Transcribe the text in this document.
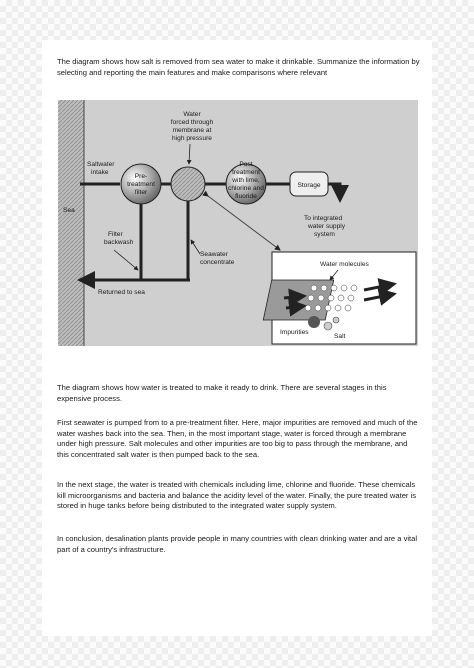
The diagram shows how salt is removed from sea water to make it drinkable. Summanize the information by selecting and reporting the main features and make comparisons where relevant

Sea
Saltwater
intake
Pre-
treatment
filter
Water
forced through
membrane at
high pressure
Post
treatment
with lime,
chlorine and
fluoride
Storage
To integrated
water supply
system
Filter
backwash
Seawater
concentrate
Returned to sea
Water molecules
Impurities
Salt

The diagram shows how water is treated to make it ready to drink. There are several stages in this expensive process.

First seawater is pumped from to a pre-treatment filter. Here, major impurities are removed and much of the water washes back into the sea. Then, in the most important stage, water is forced through a membrane under high pressure. Salt molecules and other impurities are too big to pass through the membrane, and this concentrated salt water is then pumped back to the sea.

In the next stage, the water is treated with chemicals including lime, chlorine and fluoride. These chemicals kill microorganisms and bacteria and balance the acidity level of the water. Finally, the pure treated water is stored in huge tanks before being distributed to the integrated water supply system.

In conclusion, desalination plants provide people in many countries with clean drinking water and are a vital part of a country's infrastructure.
